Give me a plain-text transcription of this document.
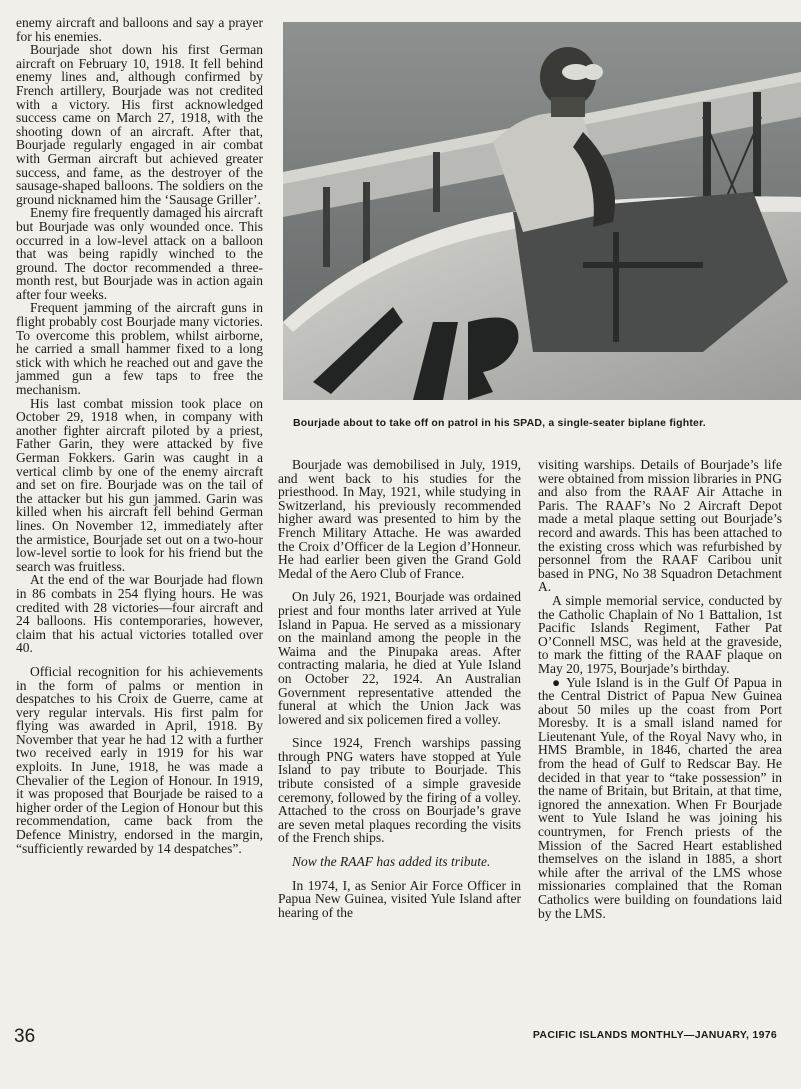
enemy aircraft and balloons and say a prayer for his enemies.

Bourjade shot down his first German aircraft on February 10, 1918. It fell behind enemy lines and, although confirmed by French artillery, Bourjade was not credited with a victory. His first acknowledged success came on March 27, 1918, with the shooting down of an aircraft. After that, Bourjade regularly engaged in air combat with German aircraft but achieved greater success, and fame, as the destroyer of the sausage-shaped balloons. The soldiers on the ground nicknamed him the ‘Sausage Griller’.

Enemy fire frequently damaged his aircraft but Bourjade was only wounded once. This occurred in a low-level attack on a balloon that was being rapidly winched to the ground. The doctor recommended a three-month rest, but Bourjade was in action again after four weeks.

Frequent jamming of the aircraft guns in flight probably cost Bourjade many victories. To overcome this problem, whilst airborne, he carried a small hammer fixed to a long stick with which he reached out and gave the jammed gun a few taps to free the mechanism.

His last combat mission took place on October 29, 1918 when, in company with another fighter aircraft piloted by a priest, Father Garin, they were attacked by five German Fokkers. Garin was caught in a vertical climb by one of the enemy aircraft and set on fire. Bourjade was on the tail of the attacker but his gun jammed. Garin was killed when his aircraft fell behind German lines. On November 12, immediately after the armistice, Bourjade set out on a two-hour low-level sortie to look for his friend but the search was fruitless.

At the end of the war Bourjade had flown in 86 combats in 254 flying hours. He was credited with 28 victories—four aircraft and 24 balloons. His contemporaries, however, claim that his actual victories totalled over 40.

Official recognition for his achievements in the form of palms or mention in despatches to his Croix de Guerre, came at very regular intervals. His first palm for flying was awarded in April, 1918. By November that year he had 12 with a further two received early in 1919 for his war exploits. In June, 1918, he was made a Chevalier of the Legion of Honour. In 1919, it was proposed that Bourjade be raised to a higher order of the Legion of Honour but this recommendation, came back from the Defence Ministry, endorsed in the margin, “sufficiently rewarded by 14 despatches”.

Bourjade about to take off on patrol in his SPAD, a single-seater biplane fighter.

Bourjade was demobilised in July, 1919, and went back to his studies for the priesthood. In May, 1921, while studying in Switzerland, his previously recommended higher award was presented to him by the French Military Attache. He was awarded the Croix d’Officer de la Legion d’Honneur. He had earlier been given the Grand Gold Medal of the Aero Club of France.

On July 26, 1921, Bourjade was ordained priest and four months later arrived at Yule Island in Papua. He served as a missionary on the mainland among the people in the Waima and the Pinupaka areas. After contracting malaria, he died at Yule Island on October 22, 1924. An Australian Government representative attended the funeral at which the Union Jack was lowered and six policemen fired a volley.

Since 1924, French warships passing through PNG waters have stopped at Yule Island to pay tribute to Bourjade. This tribute consisted of a simple graveside ceremony, followed by the firing of a volley. Attached to the cross on Bourjade’s grave are seven metal plaques recording the visits of the French ships.

Now the RAAF has added its tribute.

In 1974, I, as Senior Air Force Officer in Papua New Guinea, visited Yule Island after hearing of the

visiting warships. Details of Bourjade’s life were obtained from mission libraries in PNG and also from the RAAF Air Attache in Paris. The RAAF’s No 2 Aircraft Depot made a metal plaque setting out Bourjade’s record and awards. This has been attached to the existing cross which was refurbished by personnel from the RAAF Caribou unit based in PNG, No 38 Squadron Detachment A.

A simple memorial service, conducted by the Catholic Chaplain of No 1 Battalion, 1st Pacific Islands Regiment, Father Pat O’Connell MSC, was held at the graveside, to mark the fitting of the RAAF plaque on May 20, 1975, Bourjade’s birthday.

● Yule Island is in the Gulf Of Papua in the Central District of Papua New Guinea about 50 miles up the coast from Port Moresby. It is a small island named for Lieutenant Yule, of the Royal Navy who, in HMS Bramble, in 1846, charted the area from the head of Gulf to Redscar Bay. He decided in that year to “take possession” in the name of Britain, but Britain, at that time, ignored the annexation. When Fr Bourjade went to Yule Island he was joining his countrymen, for French priests of the Mission of the Sacred Heart established themselves on the island in 1885, a short while after the arrival of the LMS whose missionaries complained that the Roman Catholics were building on foundations laid by the LMS.

36	PACIFIC ISLANDS MONTHLY—JANUARY, 1976
